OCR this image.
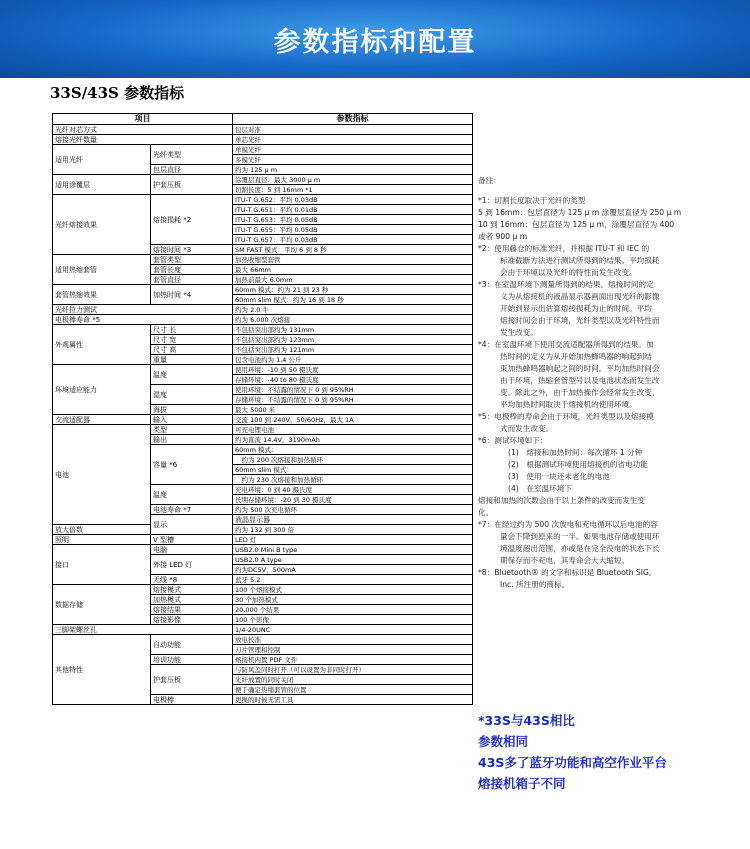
参数指标和配置
33S/43S 参数指标
项目		参数指标	
光纤对芯方式		包层对准	
熔接光纤数量		单芯光纤	
适用光纤	光纤类型	单模光纤	
		多模光纤	
	包层直径	约为 125 μ m	
适用涂覆层	护套压板	涂覆层直径：最大 3000 μ m	
		切割长度：5 到 16mm *1	
光纤熔接效果	熔接损耗 *2	ITU-T G.652：平均 0.03dB	
		ITU-T G.651：平均 0.01dB	
		ITU-T G.653：平均 0.05dB	
		ITU-T G.655：平均 0.05dB	
		ITU-T G.657：平均 0.03dB	
	熔接时间 *3	SM FAST 模式：平均 6 到 8 秒	
适用热缩套管	套管类型	加热收缩型套管	
	套管长度	最大 66mm	
	套管直径	加热前最大 6.0mm	
套管热缩效果	加热时间 *4	60mm 模式：约为 21 到 23 秒	
		60mm slim 模式：约为 16 到 18 秒	
光纤拉力测试		约为 2.0 牛	
电极棒寿命 *5		约为 6,000 次熔接	
外观属性	尺寸 长	不包括突出部约为 131mm	
	尺寸 宽	不包括突出部约为 123mm	
	尺寸 高	不包括突出部约为 121mm	
	重量	包含电池约为 1.4 公斤	
环境适应能力	温度	使用环境：-10 到 50 摄氏度	
		存储环境：-40 to 80 摄氏度	
	湿度	使用环境：不结露的情况下 0 到 95%RH	
		存储环境：不结露的情况下 0 到 95%RH	
	海拔	最大 5000 米	
交流适配器	输入	交流 100 到 240V，50/60Hz，最大 1A	
电池	类型	可充电锂电池	
	输出	约为直流 14.4V，3190mAh	
	容量 *6	60mm 模式：	
		　约为 200 次熔接和加热循环	
		60mm slim 模式：	
		　约为 230 次熔接和加热循环	
	温度	充电环境：0 到 40 摄氏度	
		长期存储环境：-20 到 30 摄氏度	
	电池寿命 *7	约为 500 次充电循环	
	显示	液晶显示器	
放大倍数		约为 132 到 300 倍	
照明	V 型槽	LED 灯	
接口	电脑	USB2.0 Mini B type	
	外接 LED 灯	USB2.0 A type	
		约为DC5V，500mA	
	无线 *8	蓝牙 5.2	
数据存储	熔接模式	100 个熔接模式	
	加热模式	30 个加热模式	
	熔接结果	20,000 个结果	
	熔接影像	100 个影像	
三脚架螺丝孔		1/4-20UNC	
其他特性	自动功能	放电校准	
		刀片管理和控制	
	培训功能	熔接机内置 PDF 文件	
	护套压板	与防风盖同时打开（可以设置为非同时打开）	
		光纤放置的同时关闭	
		便于确定热缩套管的位置	
	电极棒	更换的时候无需工具	
备注：
*1：切割长度取决于光纤的类型
5 到 16mm：包层直径为 125 μ m 涂覆层直径为 250 μ m
10 到 16mm：包层直径为 125 μ m，涂覆层直径为 400
或者 900 μ m
*2：使用藤仓的标准光纤，并根据 ITU-T 和 IEC 的
标准截断方法进行测试所得到的结果。平均损耗
会由于环境以及光纤的特性而发生改变。
*3：在室温环境下测量所得到的结果。熔接时间的定
义为从熔接机的液晶显示器画面出现光纤的影像
开始到显示出估算熔接损耗为止的时间。平均
熔接时间会由于环境，光纤类型以及光纤特性而
发生改变。
*4：在室温环境下使用交流适配器所得到的结果。加
热时间的定义为从开始加热蜂鸣器的响起到结
束加热蜂鸣器响起之间的时间。平均加热时间会
由于环境，热缩套管型号以及电池状态而发生改
变。除此之外，由于加热操作会经常发生改变，
平均加热时间取决于熔接机的使用环境。
*5：电极棒的寿命会由于环境，光纤类型以及熔接模
式而发生改变。
*6：测试环境如下：
(1)　熔接和加热时间：每次循环 1 分钟
(2)　根据测试环境使用熔接机的省电功能
(3)　使用一块还未老化的电池
(4)　在室温环境下
熔接和加热的次数会由于以上条件的改变而发生变
化。
*7：在经过约为 500 次放电和充电循环以后电池的容
量会下降到原来的一半。如果电池存储或使用环
境温度超出范围，亦或是在完全没电的状态下长
期保存而不充电，其寿命会大大缩短。
*8：Bluetooth® 的文字和标识是 Bluetooth SIG,
Inc. 所注册的商标。
*33S与43S相比
参数相同
43S多了蓝牙功能和高空作业平台
熔接机箱子不同
